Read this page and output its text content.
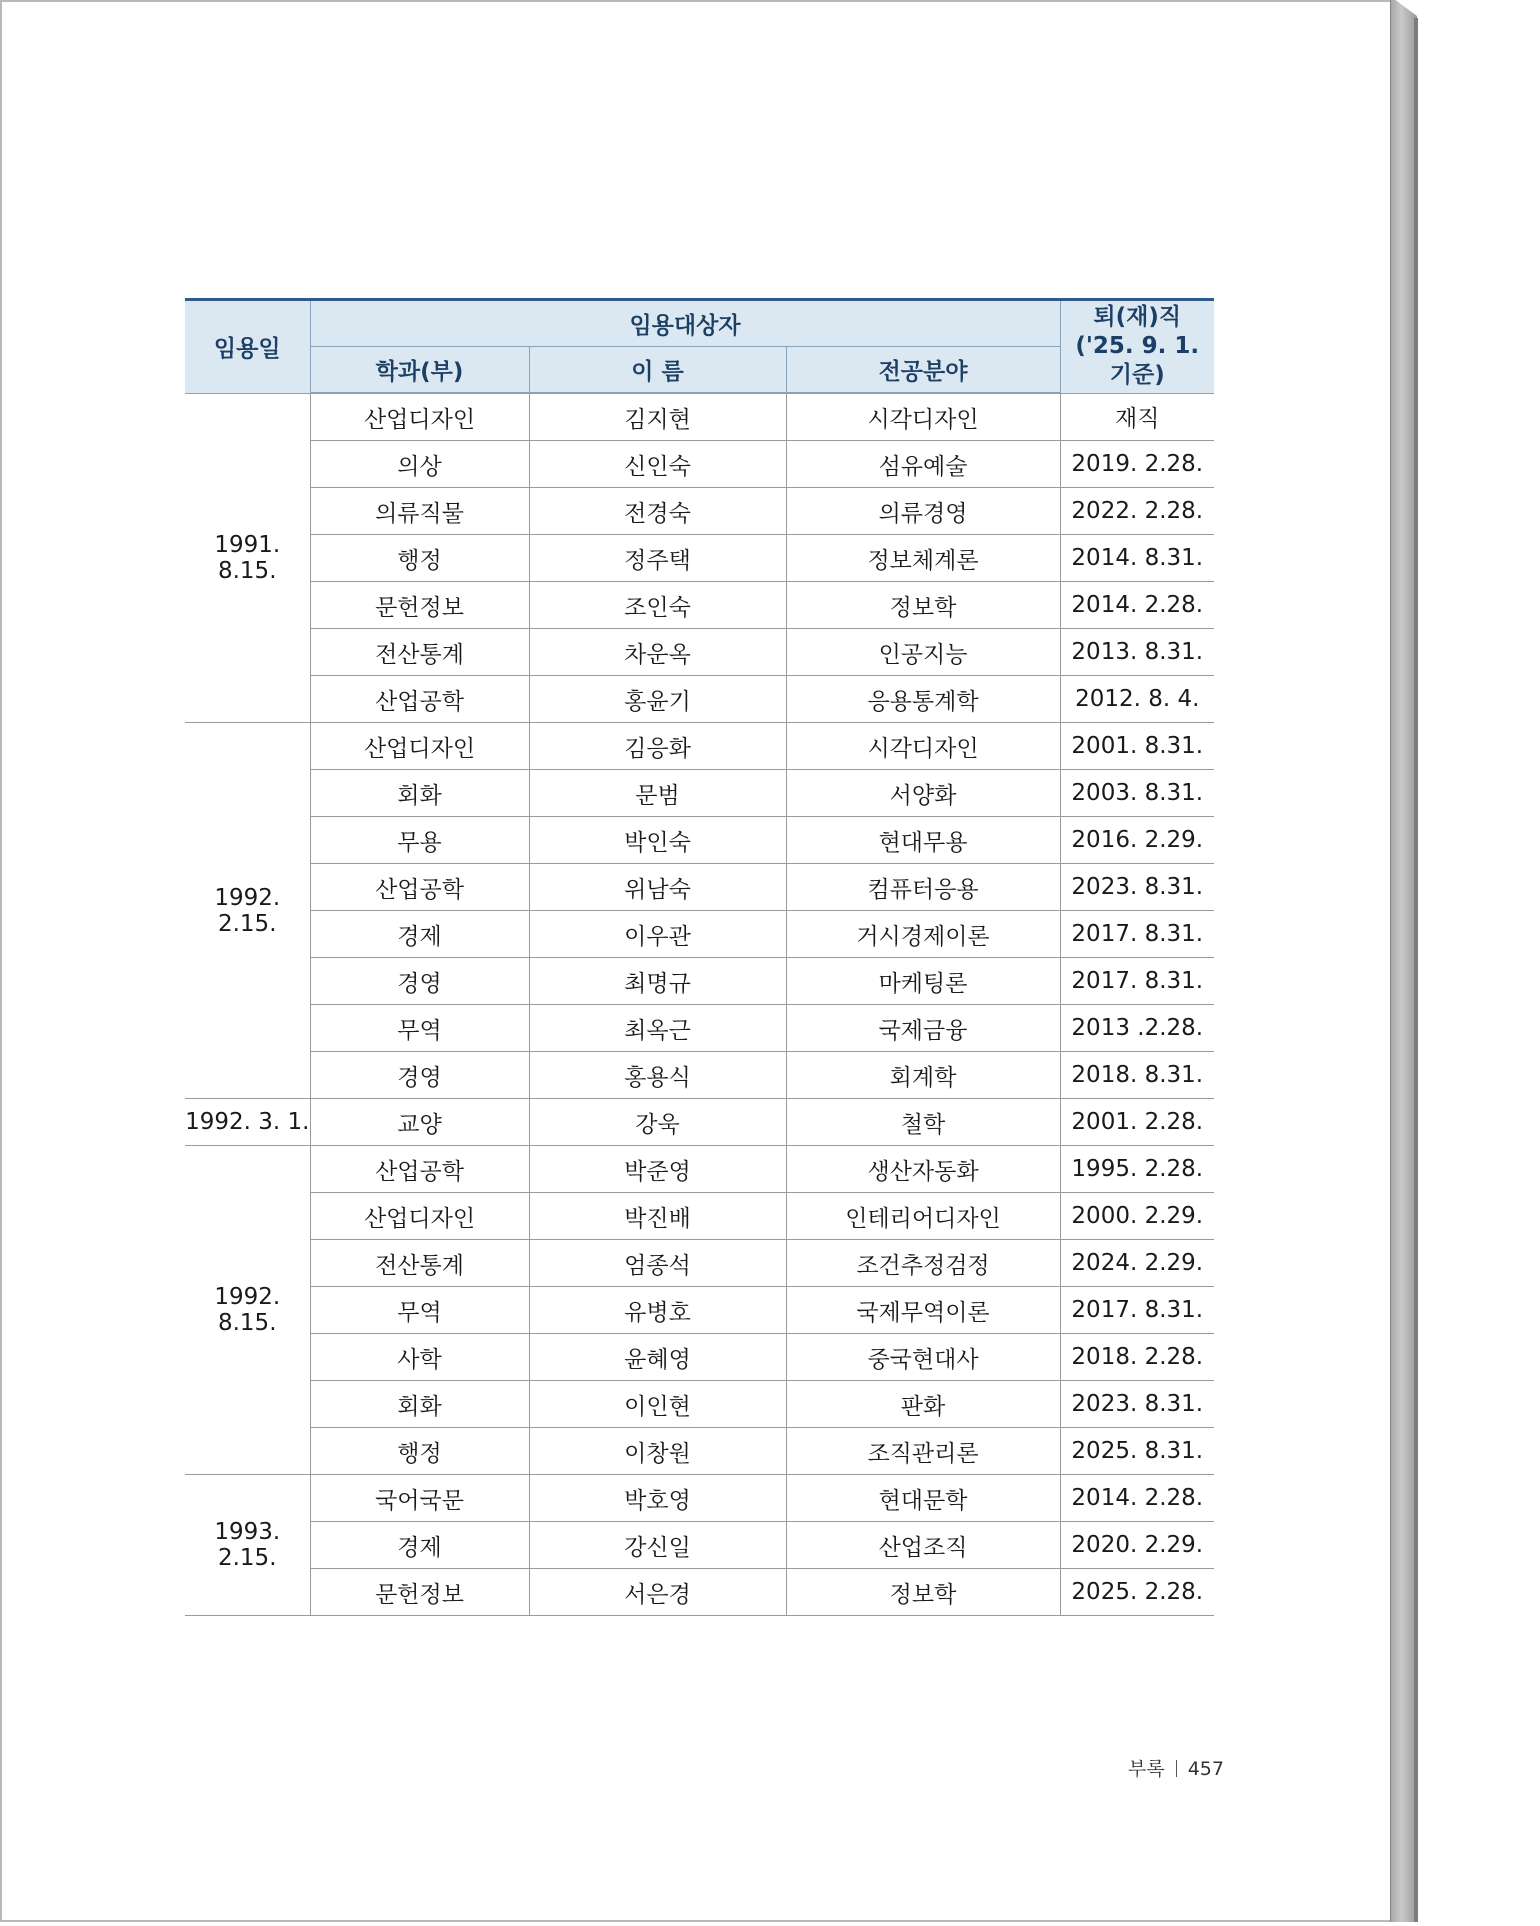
임용일	임용대상자			퇴(재)직
('25. 9. 1. 기준)

	학과(부)	이 름	전공분야	
1991. 8.15.	산업디자인	김지현	시각디자인	재직
	의상	신인숙	섬유예술	2019. 2.28.
	의류직물	전경숙	의류경영	2022. 2.28.
	행정	정주택	정보체계론	2014. 8.31.
	문헌정보	조인숙	정보학	2014. 2.28.
	전산통계	차운옥	인공지능	2013. 8.31.
	산업공학	홍윤기	응용통계학	2012. 8. 4.
1992. 2.15.	산업디자인	김응화	시각디자인	2001. 8.31.
	회화	문범	서양화	2003. 8.31.
	무용	박인숙	현대무용	2016. 2.29.
	산업공학	위남숙	컴퓨터응용	2023. 8.31.
	경제	이우관	거시경제이론	2017. 8.31.
	경영	최명규	마케팅론	2017. 8.31.
	무역	최옥근	국제금융	2013 .2.28.
	경영	홍용식	회계학	2018. 8.31.
1992. 3. 1.	교양	강욱	철학	2001. 2.28.
1992. 8.15.	산업공학	박준영	생산자동화	1995. 2.28.
	산업디자인	박진배	인테리어디자인	2000. 2.29.
	전산통계	엄종석	조건추정검정	2024. 2.29.
	무역	유병호	국제무역이론	2017. 8.31.
	사학	윤혜영	중국현대사	2018. 2.28.
	회화	이인현	판화	2023. 8.31.
	행정	이창원	조직관리론	2025. 8.31.
1993. 2.15.	국어국문	박호영	현대문학	2014. 2.28.
	경제	강신일	산업조직	2020. 2.29.
	문헌정보	서은경	정보학	2025. 2.28.
부록 457
